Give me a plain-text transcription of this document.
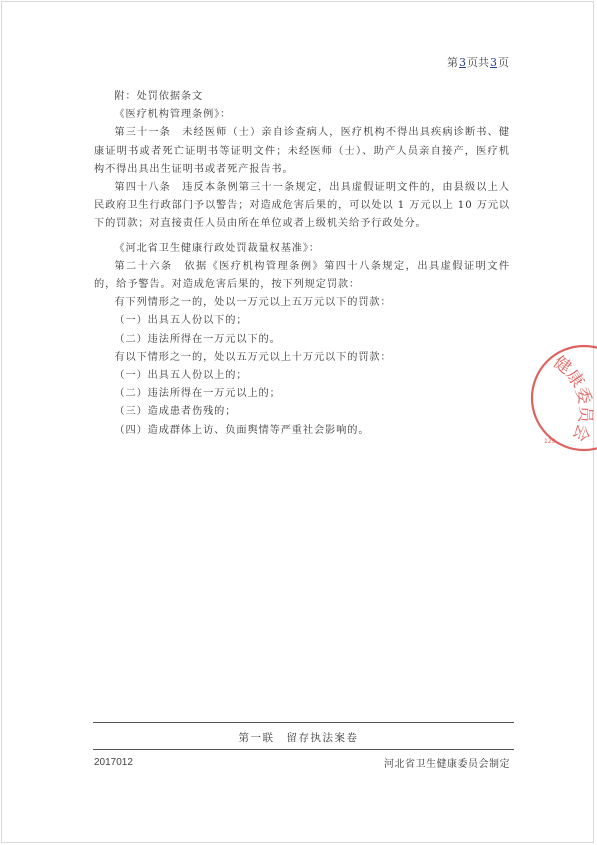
第3页共3页

附：处罚依据条文

《医疗机构管理条例》：

第三十一条　未经医师（士）亲自诊查病人，医疗机构不得出具疾病诊断书、健康证明书或者死亡证明书等证明文件；未经医师（士）、助产人员亲自接产，医疗机构不得出具出生证明书或者死产报告书。

第四十八条　违反本条例第三十一条规定，出具虚假证明文件的，由县级以上人民政府卫生行政部门予以警告；对造成危害后果的，可以处以 1 万元以上 10 万元以下的罚款；对直接责任人员由所在单位或者上级机关给予行政处分。

《河北省卫生健康行政处罚裁量权基准》：

第二十六条　依据《医疗机构管理条例》第四十八条规定，出具虚假证明文件的，给予警告。对造成危害后果的，按下列规定罚款：

有下列情形之一的，处以一万元以上五万元以下的罚款：

（一）出具五人份以下的；

（二）违法所得在一万元以下的。

有以下情形之一的，处以五万元以上十万元以下的罚款：

（一）出具五人份以上的；

（二）违法所得在一万元以上的；

（三）造成患者伤残的；

（四）造成群体上访、负面舆情等严重社会影响的。

健康委员会
129
第一联　留存执法案卷
2017012	河北省卫生健康委员会制定
